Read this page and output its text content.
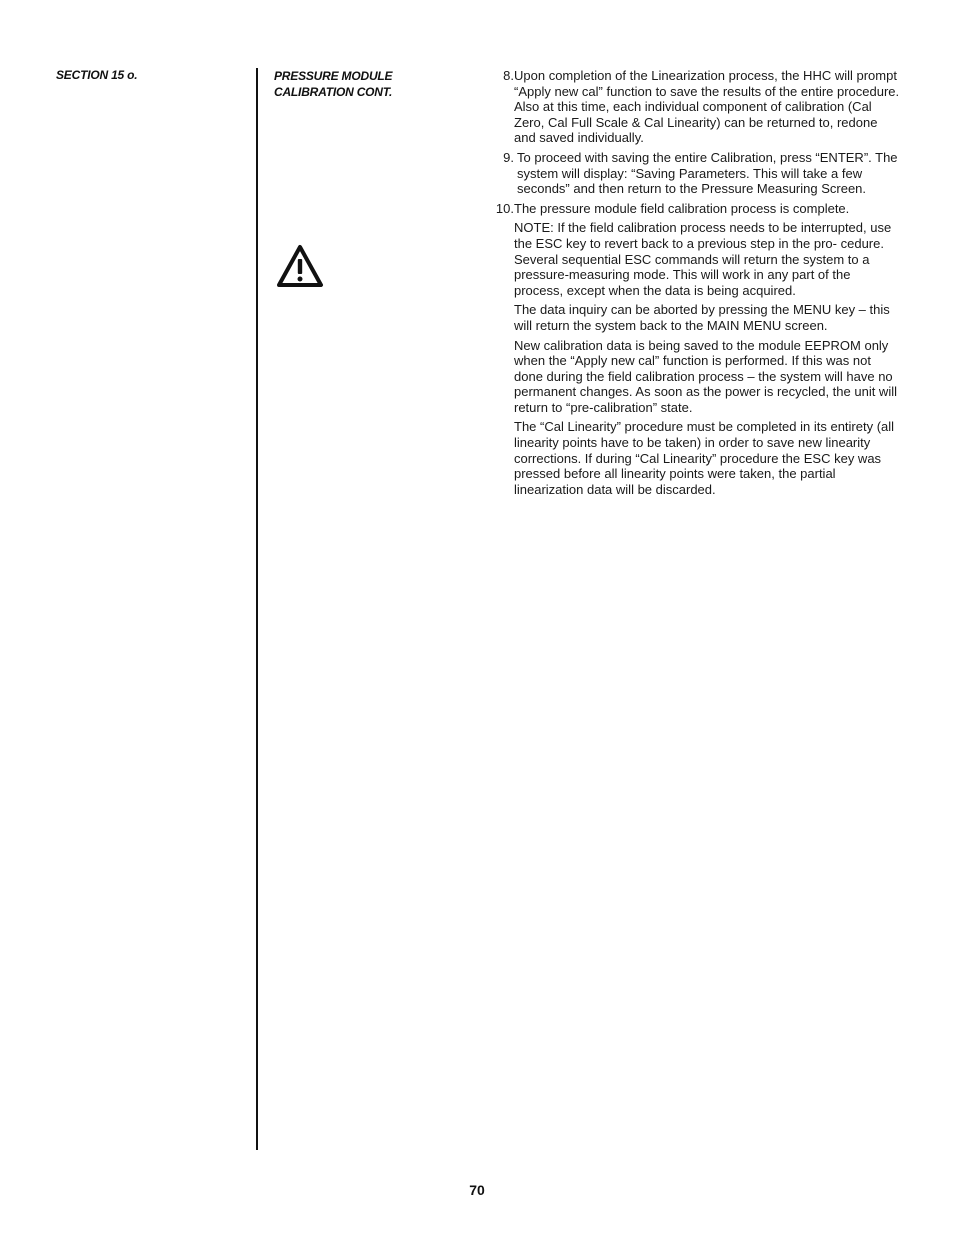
SECTION 15 o.	PRESSURE MODULE CALIBRATION CONT.
8. Upon completion of the Linearization process, the HHC will prompt “Apply new cal” function to save the results of the entire procedure. Also at this time, each individual component of calibration (Cal Zero, Cal Full Scale & Cal Linearity) can be returned to, redone and saved individually.
9. To proceed with saving the entire Calibration, press “ENTER”. The system will display: “Saving Parameters. This will take a few seconds” and then return to the Pressure Measuring Screen.
10. The pressure module field calibration process is complete.
NOTE: If the field calibration process needs to be interrupted, use the ESC key to revert back to a previous step in the pro- cedure. Several sequential ESC commands will return the system to a pressure-measuring mode. This will work in any part of the process, except when the data is being acquired.
The data inquiry can be aborted by pressing the MENU key – this will return the system back to the MAIN MENU screen.
New calibration data is being saved to the module EEPROM only when the “Apply new cal” function is performed. If this was not done during the field calibration process – the system will have no permanent changes. As soon as the power is recycled, the unit will return to “pre-calibration” state.
The “Cal Linearity” procedure must be completed in its entirety (all linearity points have to be taken) in order to save new linearity corrections. If during “Cal Linearity” procedure the ESC key was pressed before all linearity points were taken, the partial linearization data will be discarded.
70
